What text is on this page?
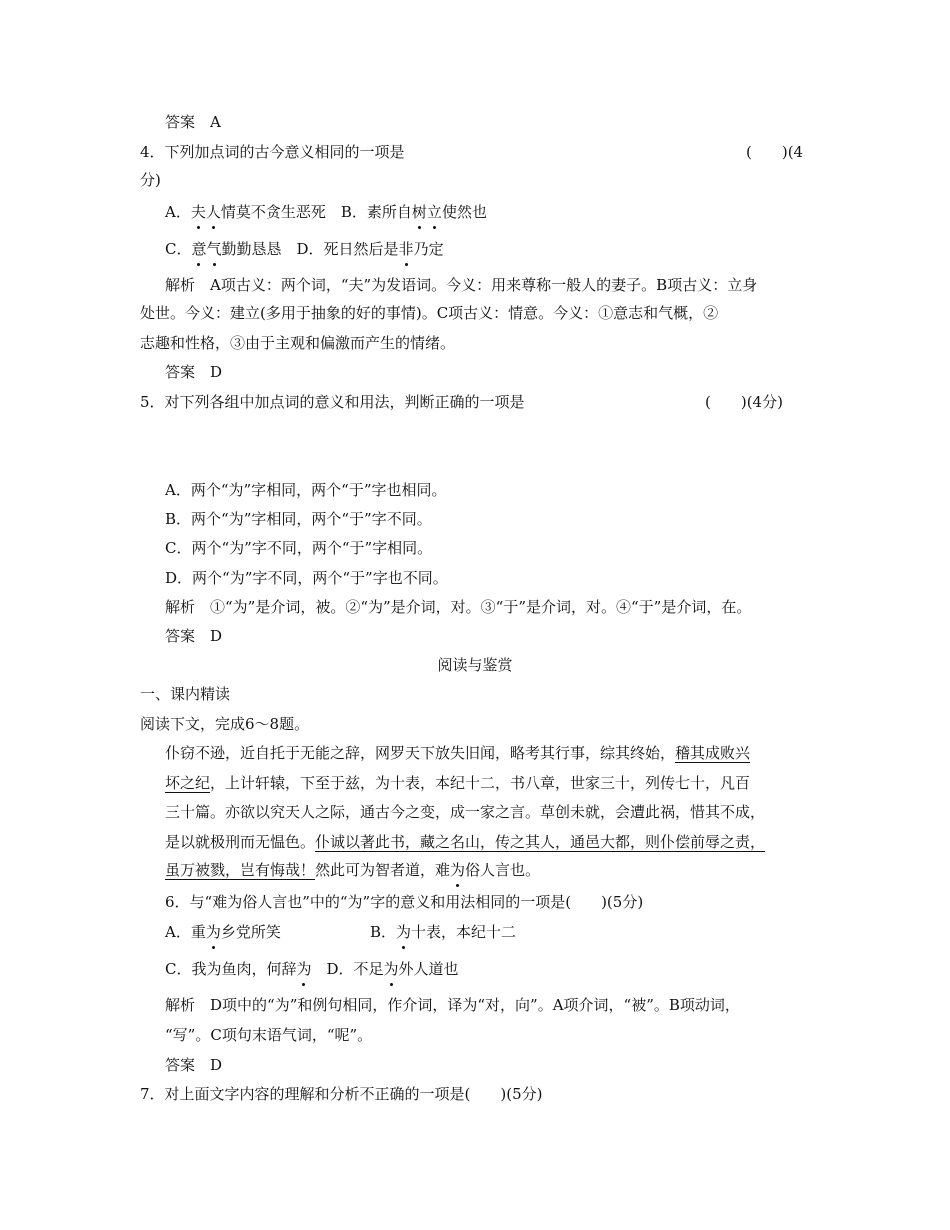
答案　A
4．下列加点词的古今意义相同的一项是	(　　)(4
分)
A．夫人情莫不贪生恶死　B．素所自树立使然也
C．意气勤勤恳恳　D．死日然后是非乃定
解析　A项古义：两个词，“夫”为发语词。今义：用来尊称一般人的妻子。B项古义：立身
处世。今义：建立(多用于抽象的好的事情)。C项古义：情意。今义：①意志和气概，②
志趣和性格，③由于主观和偏激而产生的情绪。
答案　D
5．对下列各组中加点词的意义和用法，判断正确的一项是	(　　)(4分)
A．两个“为”字相同，两个“于”字也相同。
B．两个“为”字相同，两个“于”字不同。
C．两个“为”字不同，两个“于”字相同。
D．两个“为”字不同，两个“于”字也不同。
解析　①“为”是介词，被。②“为”是介词，对。③“于”是介词，对。④“于”是介词，在。
答案　D
阅读与鉴赏
一、课内精读
阅读下文，完成6～8题。
仆窃不逊，近自托于无能之辞，网罗天下放失旧闻，略考其行事，综其终始，稽其成败兴
坏之纪，上计轩辕，下至于兹，为十表，本纪十二，书八章，世家三十，列传七十，凡百
三十篇。亦欲以究天人之际，通古今之变，成一家之言。草创未就，会遭此祸，惜其不成，
是以就极刑而无愠色。仆诚以著此书，藏之名山，传之其人，通邑大都，则仆偿前辱之责，
虽万被戮，岂有悔哉！然此可为智者道，难为俗人言也。
6．与“难为俗人言也”中的“为”字的意义和用法相同的一项是(　　)(5分)
A．重为乡党所笑	B．为十表，本纪十二
C．我为鱼肉，何辞为　D．不足为外人道也
解析　D项中的“为”和例句相同，作介词，译为“对，向”。A项介词，“被”。B项动词，
“写”。C项句末语气词，“呢”。
答案　D
7．对上面文字内容的理解和分析不正确的一项是(　　)(5分)
